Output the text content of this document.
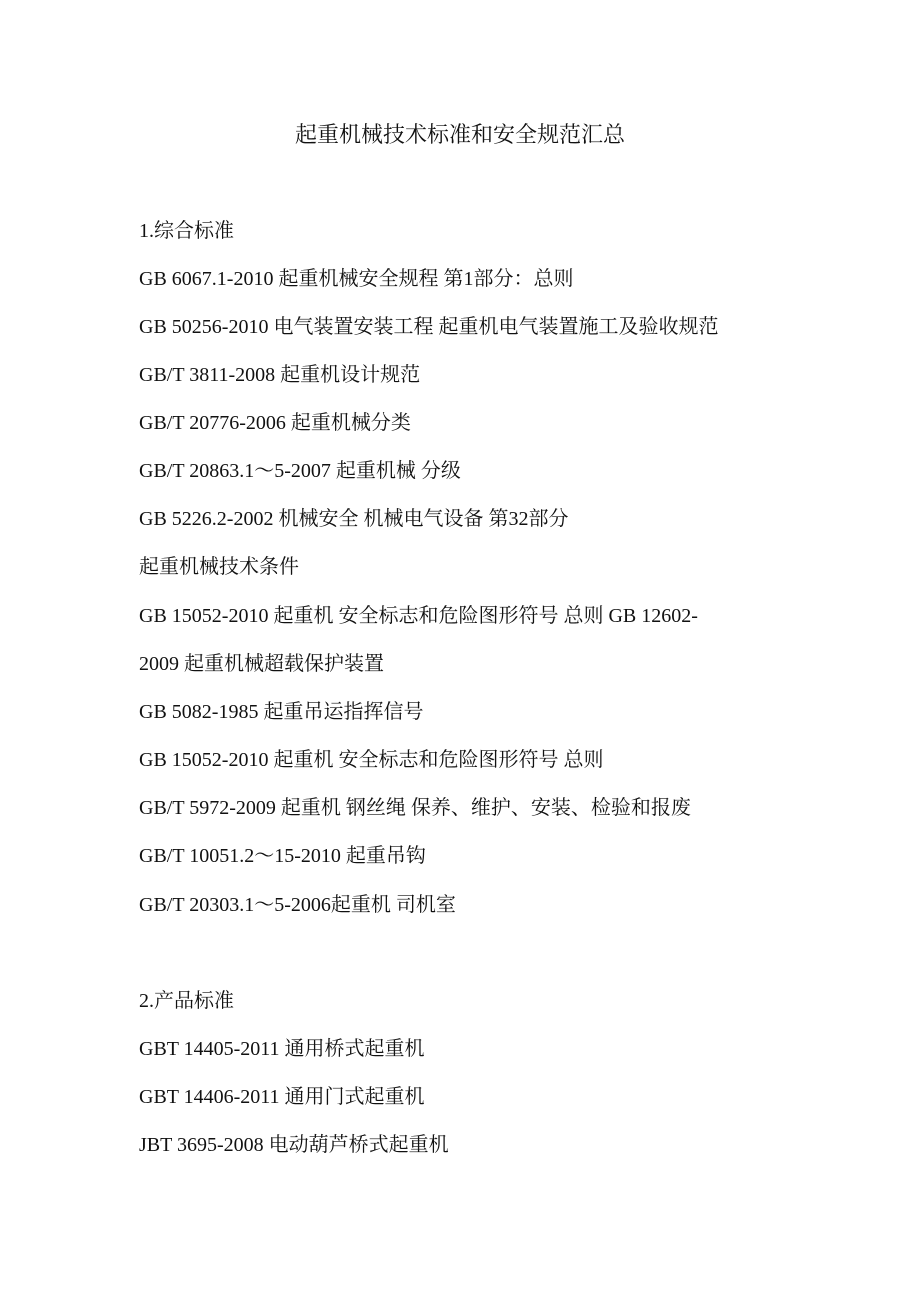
起重机械技术标准和安全规范汇总

1.综合标准

GB 6067.1-2010 起重机械安全规程 第1部分：总则

GB 50256-2010 电气装置安装工程 起重机电气装置施工及验收规范

GB/T 3811-2008 起重机设计规范

GB/T 20776-2006 起重机械分类

GB/T 20863.1～5-2007 起重机械 分级

GB 5226.2-2002 机械安全 机械电气设备 第32部分

起重机械技术条件

GB 15052-2010 起重机 安全标志和危险图形符号 总则 GB 12602-

2009 起重机械超载保护装置

GB 5082-1985 起重吊运指挥信号

GB 15052-2010 起重机 安全标志和危险图形符号 总则

GB/T 5972-2009 起重机 钢丝绳 保养、维护、安装、检验和报废

GB/T 10051.2～15-2010 起重吊钩

GB/T 20303.1～5-2006起重机 司机室

2.产品标准

GBT 14405-2011 通用桥式起重机

GBT 14406-2011 通用门式起重机

JBT 3695-2008 电动葫芦桥式起重机
